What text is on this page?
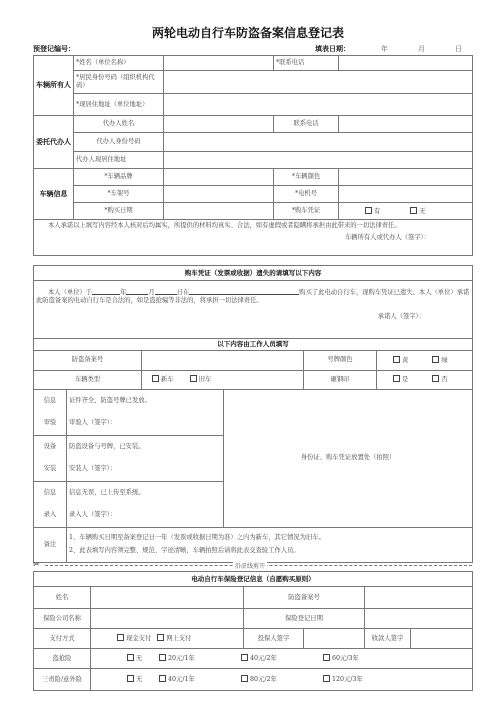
两轮电动自行车防盗备案信息登记表
预登记编号：	填表日期：	年	月	日
车辆所有人	*姓名（单位名称）		*联系电话	
	*居民身份号码（组织机构代码）			
	*现居住地址（单位地址）			
委托代办人	代办人姓名		联系电话	
	代办人身份号码			
	代办人现居住地址			
车辆信息	*车辆品牌		*车辆颜色	
	*车架号		*电机号	
	*购买日期		*购车凭证	有 无

本人承诺以上填写内容经本人核对后均属实，所提供的材料均真实、合法，如有虚假或者隐瞒将承担由此带来的一切法律责任。
车辆所有人或代办人（签字）：				
购车凭证（发票或收据）遗失的请填写以下内容

本人（单位）于	年	月	日在	购买了此电动自行车，现购车凭证已遗失。本人（单位）承诺此防盗备案的电动自行车是合法的，如是盗抢骗等非法的，将承担一切法律责任。
承诺人（签字）：
以下内容由工作人员填写					
防盗备案号				号牌颜色	黄 绿
车辆类型		新车 旧车		砸钢印	是 否
信息	证件齐全，防盗号牌已发放。		身份证、购车凭证放置处（拍照）		

审验	审验人（签字）：				
设备	防盗设备与号牌，已安装。				
安装	安装人（签字）：				
信息	信息无误，已上传至系统。				
录入	录入人（签字）：				
备注	1、车辆购买日期至备案登记日一年（发票或收据日期为准）之内为新车，其它情况为旧车。
2、此表填写内容须完整、规范、字迹清晰，车辆拍照后请将此表交查验工作人员。				
✂	沿虚线剪开
电动自行车保险登记信息（自愿购买原则）					
姓名		防盗备案号			
保险公司名称		保险登记日期			
支付方式	现金支付 网上支付	投保人签字		收款人签字	
盗抢险	无 20元/1年 40元/2年 60元/3年				
三责险/意外险	无 40元/1年 80元/2年 120元/3年				
